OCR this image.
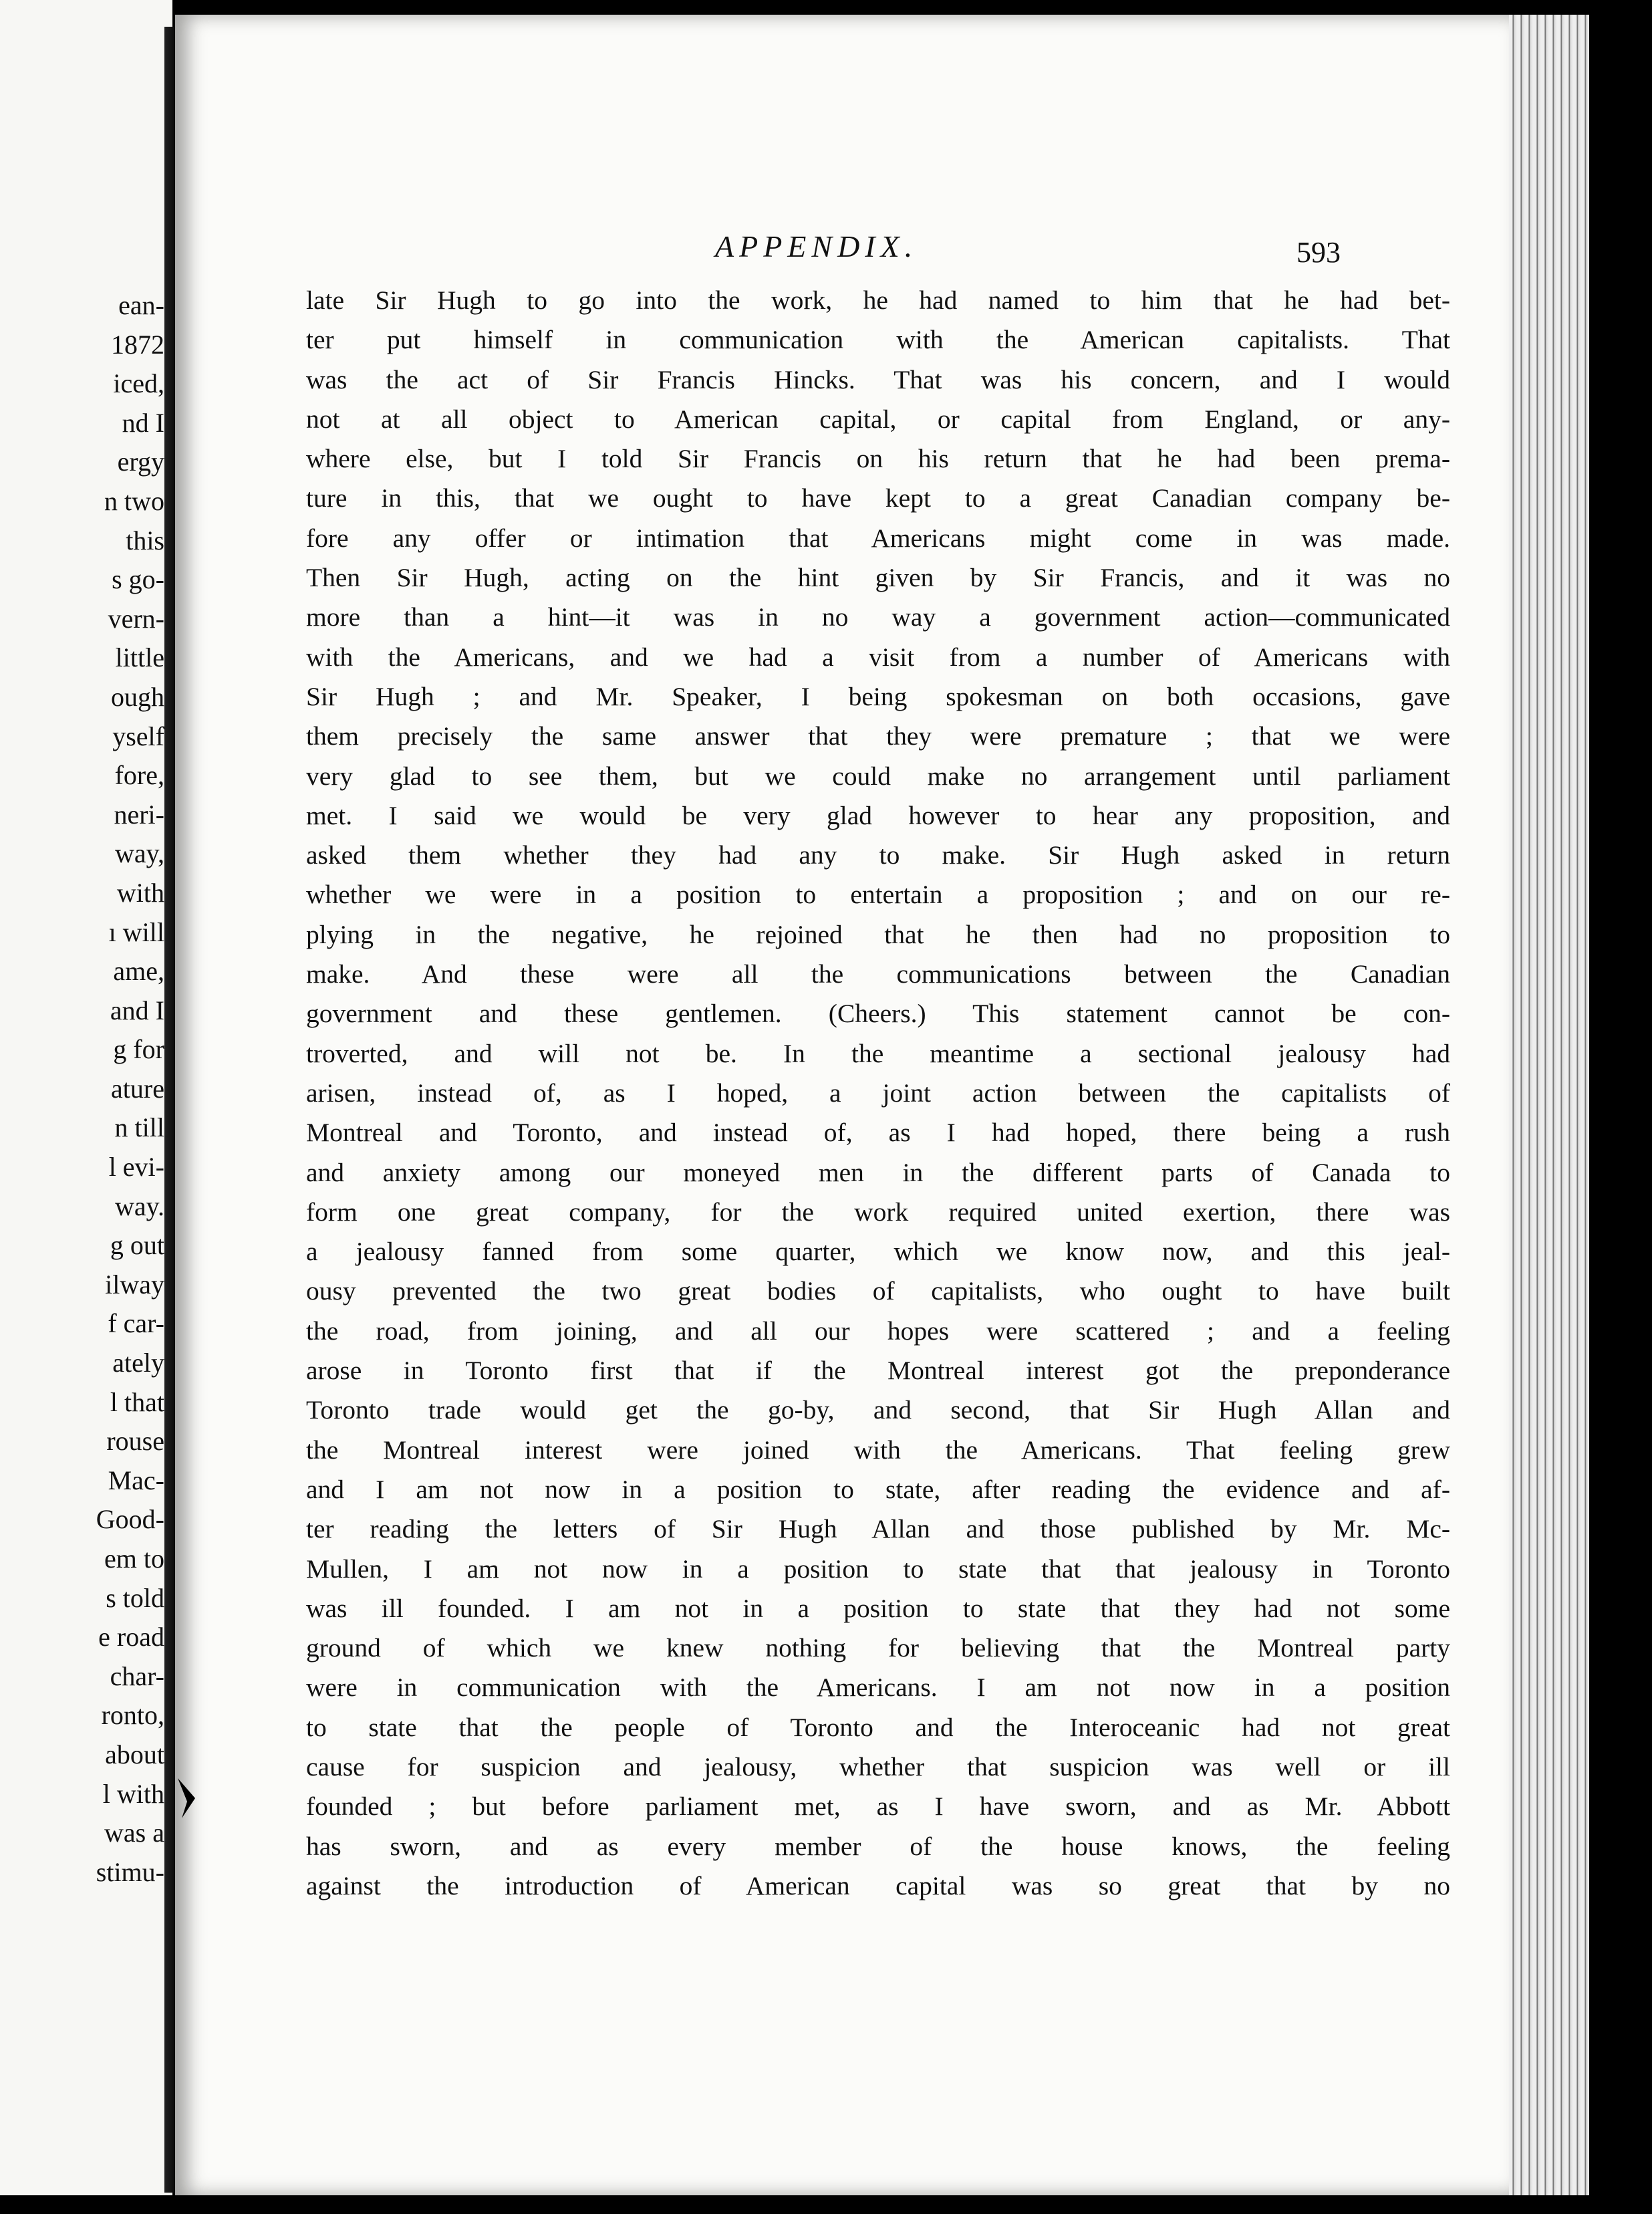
ean-
1872
iced,
nd I
ergy
n two
this
s go-
vern-
little
ough
yself
fore,
neri-
way,
with
ı will
ame,
and I
g for
ature
n till
l evi-
way.
g out
ilway
f car-
ately
l that
rouse
Mac-
Good-
em to
s told
e road
char-
ronto,
about
l with
was a
stimu-
APPENDIX.	593
late Sir Hugh to go into the work, he had named to him that he had bet-
ter put himself in communication with the American capitalists. That
was the act of Sir Francis Hincks. That was his concern, and I would
not at all object to American capital, or capital from England, or any-
where else, but I told Sir Francis on his return that he had been prema-
ture in this, that we ought to have kept to a great Canadian company be-
fore any offer or intimation that Americans might come in was made.
Then Sir Hugh, acting on the hint given by Sir Francis, and it was no
more than a hint—it was in no way a government action—communicated
with the Americans, and we had a visit from a number of Americans with
Sir Hugh ; and Mr. Speaker, I being spokesman on both occasions, gave
them precisely the same answer that they were premature ; that we were
very glad to see them, but we could make no arrangement until parliament
met. I said we would be very glad however to hear any proposition, and
asked them whether they had any to make. Sir Hugh asked in return
whether we were in a position to entertain a proposition ; and on our re-
plying in the negative, he rejoined that he then had no proposition to
make. And these were all the communications between the Canadian
government and these gentlemen. (Cheers.) This statement cannot be con-
troverted, and will not be. In the meantime a sectional jealousy had
arisen, instead of, as I hoped, a joint action between the capitalists of
Montreal and Toronto, and instead of, as I had hoped, there being a rush
and anxiety among our moneyed men in the different parts of Canada to
form one great company, for the work required united exertion, there was
a jealousy fanned from some quarter, which we know now, and this jeal-
ousy prevented the two great bodies of capitalists, who ought to have built
the road, from joining, and all our hopes were scattered ; and a feeling
arose in Toronto first that if the Montreal interest got the preponderance
Toronto trade would get the go-by, and second, that Sir Hugh Allan and
the Montreal interest were joined with the Americans. That feeling grew
and I am not now in a position to state, after reading the evidence and af-
ter reading the letters of Sir Hugh Allan and those published by Mr. Mc-
Mullen, I am not now in a position to state that that jealousy in Toronto
was ill founded. I am not in a position to state that they had not some
ground of which we knew nothing for believing that the Montreal party
were in communication with the Americans. I am not now in a position
to state that the people of Toronto and the Interoceanic had not great
cause for suspicion and jealousy, whether that suspicion was well or ill
founded ; but before parliament met, as I have sworn, and as Mr. Abbott
has sworn, and as every member of the house knows, the feeling
against the introduction of American capital was so great that by no
